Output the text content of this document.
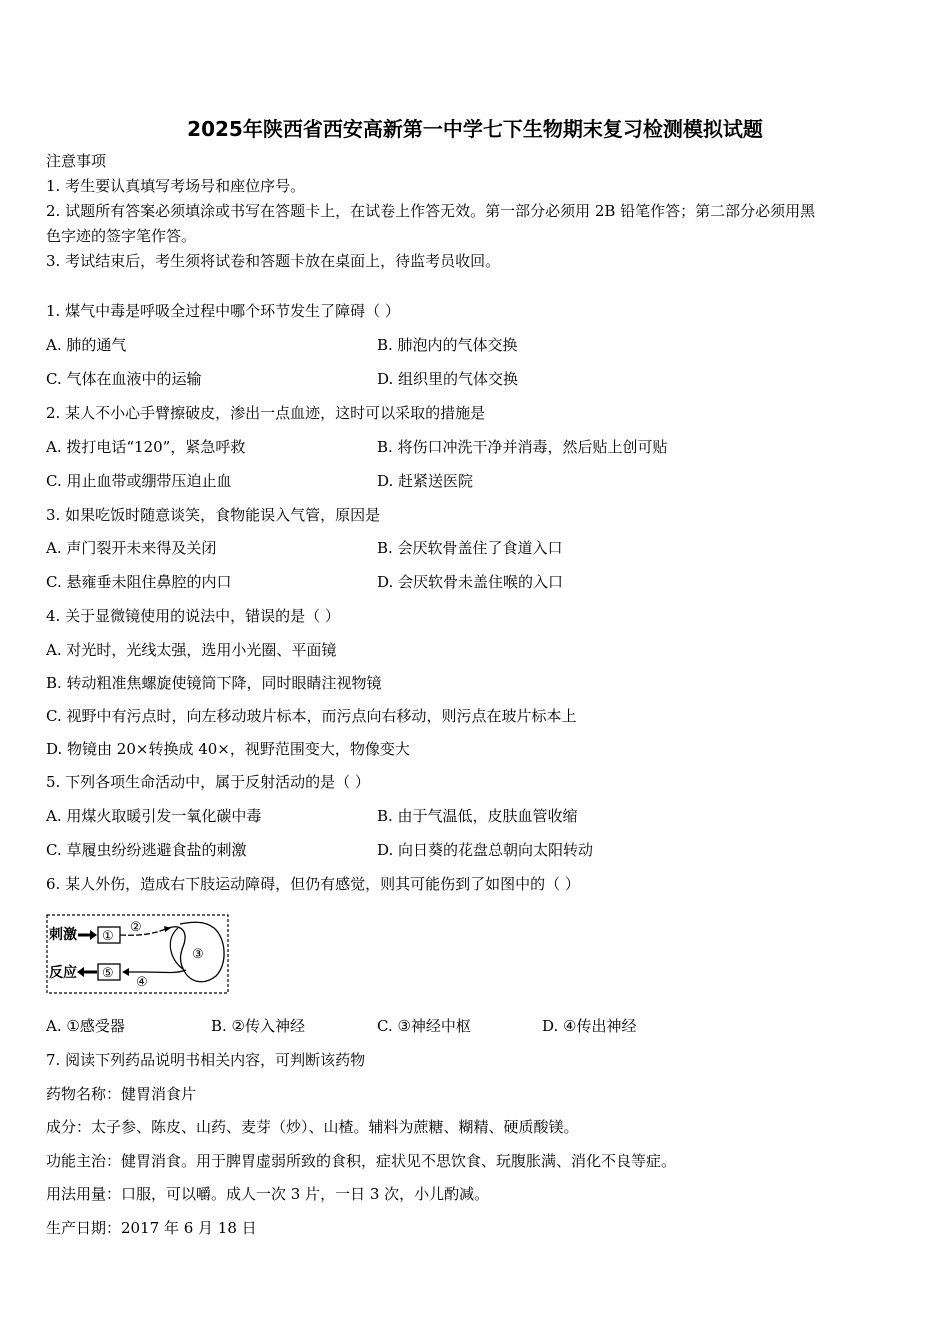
2025年陕西省西安高新第一中学七下生物期末复习检测模拟试题
注意事项
1. 考生要认真填写考场号和座位序号。
2. 试题所有答案必须填涂或书写在答题卡上，在试卷上作答无效。第一部分必须用 2B 铅笔作答；第二部分必须用黑
色字迹的签字笔作答。
3. 考试结束后，考生须将试卷和答题卡放在桌面上，待监考员收回。
1. 煤气中毒是呼吸全过程中哪个环节发生了障碍（ ）
A. 肺的通气	B. 肺泡内的气体交换
C. 气体在血液中的运输	D. 组织里的气体交换
2. 某人不小心手臂擦破皮，渗出一点血迹，这时可以采取的措施是
A. 拨打电话“120”，紧急呼救	B. 将伤口冲洗干净并消毒，然后贴上创可贴
C. 用止血带或绷带压迫止血	D. 赶紧送医院
3. 如果吃饭时随意谈笑，食物能误入气管，原因是
A. 声门裂开未来得及关闭	B. 会厌软骨盖住了食道入口
C. 悬雍垂未阻住鼻腔的内口	D. 会厌软骨未盖住喉的入口
4. 关于显微镜使用的说法中，错误的是（ ）
A. 对光时，光线太强，选用小光圈、平面镜
B. 转动粗准焦螺旋使镜筒下降，同时眼睛注视物镜
C. 视野中有污点时，向左移动玻片标本，而污点向右移动，则污点在玻片标本上
D. 物镜由 20×转换成 40×，视野范围变大，物像变大
5. 下列各项生命活动中，属于反射活动的是（ ）
A. 用煤火取暖引发一氧化碳中毒	B. 由于气温低，皮肤血管收缩
C. 草履虫纷纷逃避食盐的刺激	D. 向日葵的花盘总朝向太阳转动
6. 某人外伤，造成右下肢运动障碍，但仍有感觉，则其可能伤到了如图中的（ ）
刺激 ①
②
③
④
⑤
反应
A. ①感受器	B. ②传入神经	C. ③神经中枢	D. ④传出神经
7. 阅读下列药品说明书相关内容，可判断该药物
药物名称：健胃消食片
成分：太子参、陈皮、山药、麦芽（炒）、山楂。辅料为蔗糖、糊精、硬质酸镁。
功能主治：健胃消食。用于脾胃虚弱所致的食积，症状见不思饮食、玩腹胀满、消化不良等症。
用法用量：口服，可以嚼。成人一次 3 片，一日 3 次，小儿酌减。
生产日期：2017 年 6 月 18 日
